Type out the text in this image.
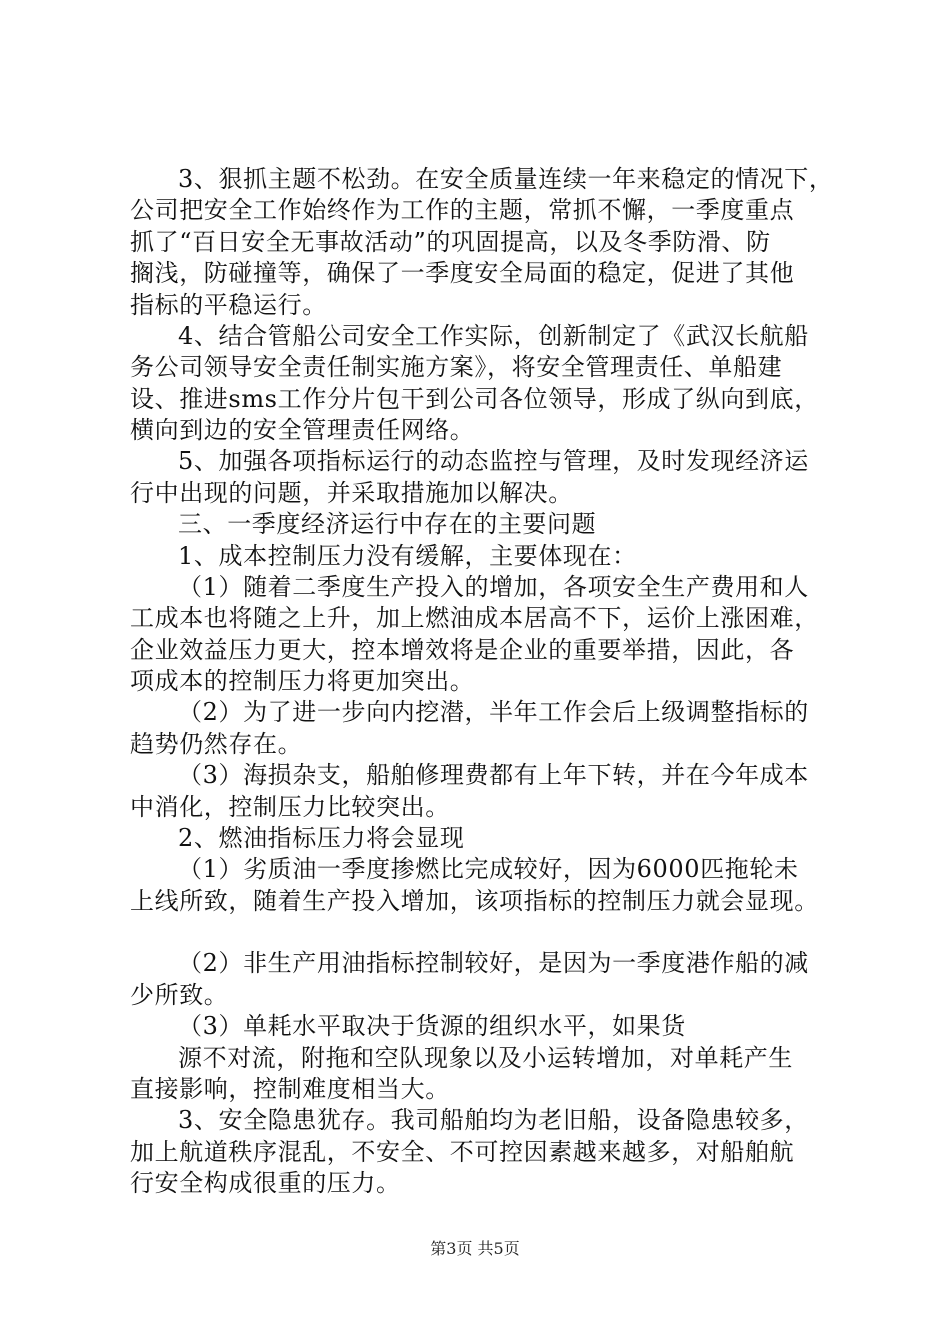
3、狠抓主题不松劲。在安全质量连续一年来稳定的情况下，
公司把安全工作始终作为工作的主题，常抓不懈，一季度重点
抓了“百日安全无事故活动”的巩固提高，以及冬季防滑、防
搁浅，防碰撞等，确保了一季度安全局面的稳定，促进了其他
指标的平稳运行。
4、结合管船公司安全工作实际，创新制定了《武汉长航船
务公司领导安全责任制实施方案》，将安全管理责任、单船建
设、推进sms工作分片包干到公司各位领导，形成了纵向到底，
横向到边的安全管理责任网络。
5、加强各项指标运行的动态监控与管理，及时发现经济运
行中出现的问题，并采取措施加以解决。
三、一季度经济运行中存在的主要问题
1、成本控制压力没有缓解，主要体现在：
（1）随着二季度生产投入的增加，各项安全生产费用和人
工成本也将随之上升，加上燃油成本居高不下，运价上涨困难，
企业效益压力更大，控本增效将是企业的重要举措，因此，各
项成本的控制压力将更加突出。
（2）为了进一步向内挖潜，半年工作会后上级调整指标的
趋势仍然存在。
（3）海损杂支，船舶修理费都有上年下转，并在今年成本
中消化，控制压力比较突出。
2、燃油指标压力将会显现
（1）劣质油一季度掺燃比完成较好，因为6000匹拖轮未
上线所致，随着生产投入增加，该项指标的控制压力就会显现。
（2）非生产用油指标控制较好，是因为一季度港作船的减
少所致。
（3）单耗水平取决于货源的组织水平，如果货
源不对流，附拖和空队现象以及小运转增加，对单耗产生
直接影响，控制难度相当大。
3、安全隐患犹存。我司船舶均为老旧船，设备隐患较多，
加上航道秩序混乱，不安全、不可控因素越来越多，对船舶航
行安全构成很重的压力。
第3页 共5页
